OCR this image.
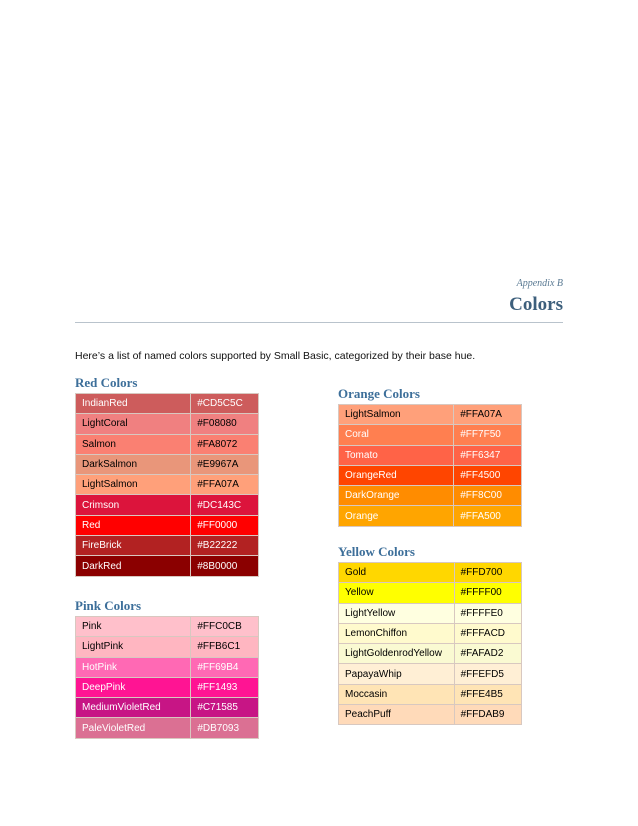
Appendix B
Colors
Here’s a list of named colors supported by Small Basic, categorized by their base hue.
Red Colors
IndianRed	#CD5C5C
LightCoral	#F08080
Salmon	#FA8072
DarkSalmon	#E9967A
LightSalmon	#FFA07A
Crimson	#DC143C
Red	#FF0000
FireBrick	#B22222
DarkRed	#8B0000
Pink Colors
Pink	#FFC0CB
LightPink	#FFB6C1
HotPink	#FF69B4
DeepPink	#FF1493
MediumVioletRed	#C71585
PaleVioletRed	#DB7093
Orange Colors
LightSalmon	#FFA07A
Coral	#FF7F50
Tomato	#FF6347
OrangeRed	#FF4500
DarkOrange	#FF8C00
Orange	#FFA500
Yellow Colors
Gold	#FFD700
Yellow	#FFFF00
LightYellow	#FFFFE0
LemonChiffon	#FFFACD
LightGoldenrodYellow	#FAFAD2
PapayaWhip	#FFEFD5
Moccasin	#FFE4B5
PeachPuff	#FFDAB9
